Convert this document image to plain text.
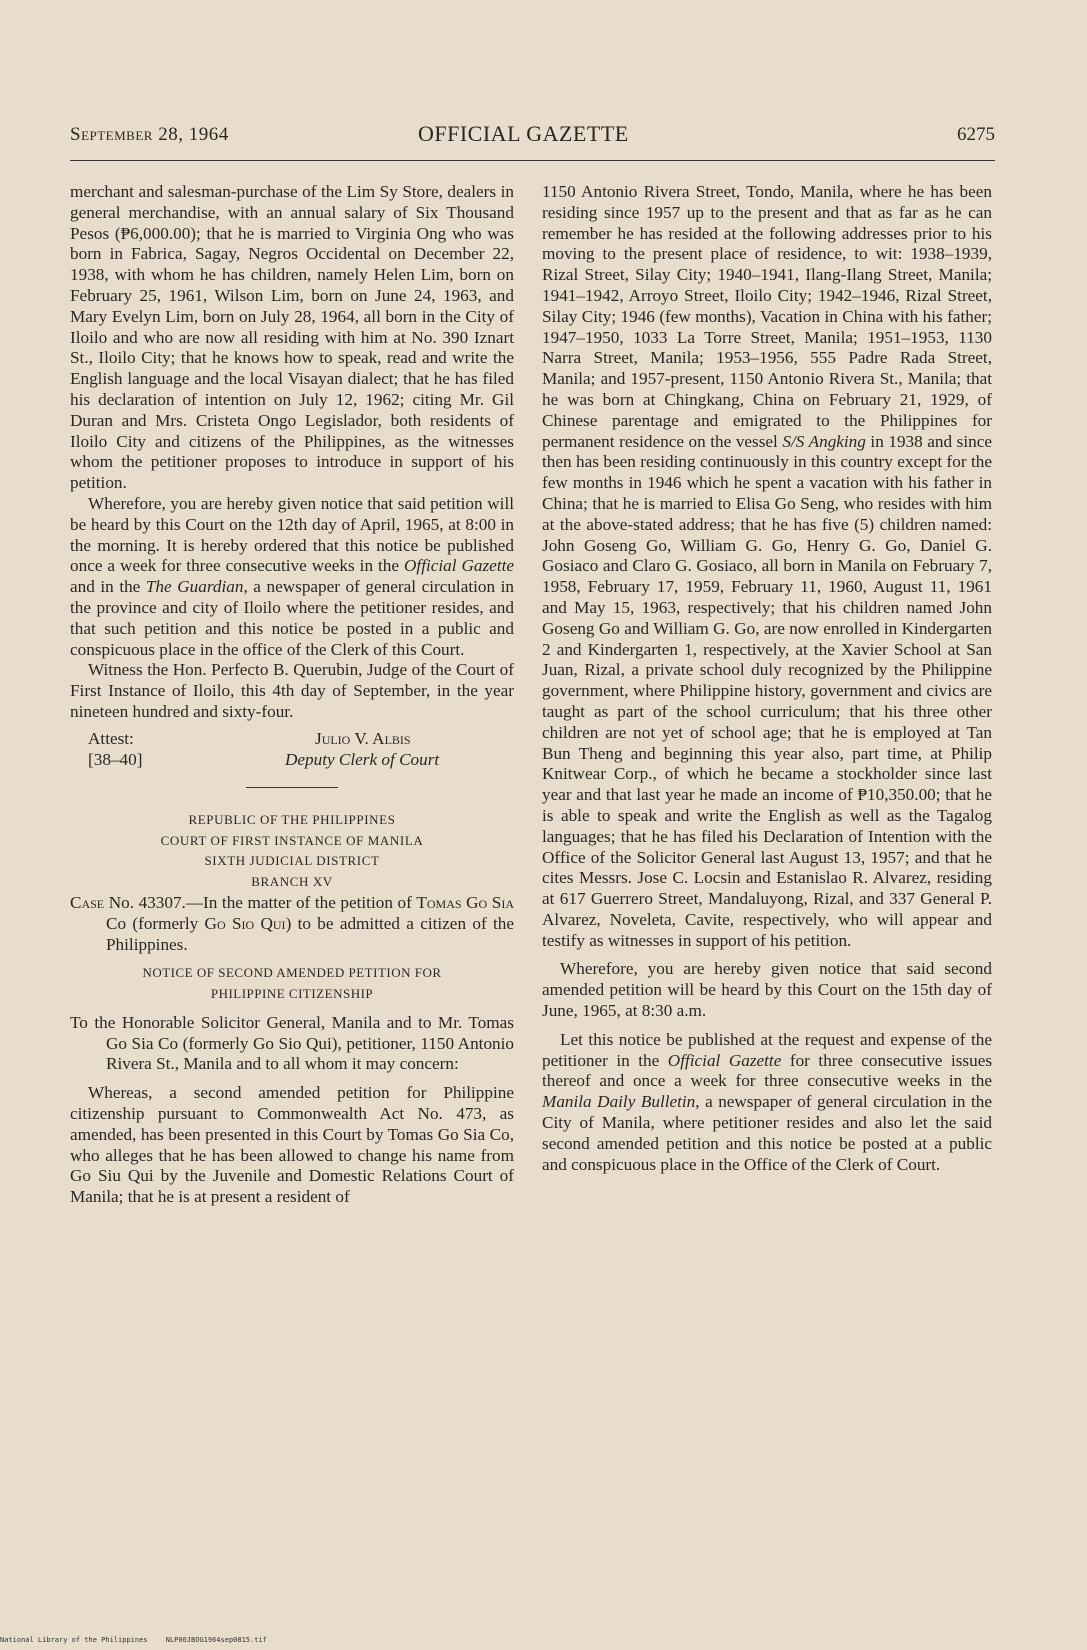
September 28, 1964	OFFICIAL GAZETTE	6275

merchant and salesman-purchase of the Lim Sy Store, dealers in general merchandise, with an annual salary of Six Thousand Pesos (₱6,000.00); that he is married to Virginia Ong who was born in Fabrica, Sagay, Negros Occidental on December 22, 1938, with whom he has children, namely Helen Lim, born on February 25, 1961, Wilson Lim, born on June 24, 1963, and Mary Evelyn Lim, born on July 28, 1964, all born in the City of Iloilo and who are now all residing with him at No. 390 Iznart St., Iloilo City; that he knows how to speak, read and write the English language and the local Visayan dialect; that he has filed his declaration of intention on July 12, 1962; citing Mr. Gil Duran and Mrs. Cristeta Ongo Legislador, both residents of Iloilo City and citizens of the Philippines, as the witnesses whom the petitioner proposes to introduce in support of his petition.

Wherefore, you are hereby given notice that said petition will be heard by this Court on the 12th day of April, 1965, at 8:00 in the morning. It is hereby ordered that this notice be published once a week for three consecutive weeks in the Official Gazette and in the The Guardian, a newspaper of general circulation in the province and city of Iloilo where the petitioner resides, and that such petition and this notice be posted in a public and conspicuous place in the office of the Clerk of this Court.

Witness the Hon. Perfecto B. Querubin, Judge of the Court of First Instance of Iloilo, this 4th day of September, in the year nineteen hundred and sixty-four.

Attest:
[38–40]
Julio V. Albis
Deputy Clerk of Court
REPUBLIC OF THE PHILIPPINES
COURT OF FIRST INSTANCE OF MANILA
SIXTH JUDICIAL DISTRICT
BRANCH XV

Case No. 43307.—In the matter of the petition of Tomas Go Sia Co (formerly Go Sio Qui) to be admitted a citizen of the Philippines.

NOTICE OF SECOND AMENDED PETITION FOR
PHILIPPINE CITIZENSHIP

To the Honorable Solicitor General, Manila and to Mr. Tomas Go Sia Co (formerly Go Sio Qui), petitioner, 1150 Antonio Rivera St., Manila and to all whom it may concern:

Whereas, a second amended petition for Philippine citizenship pursuant to Commonwealth Act No. 473, as amended, has been presented in this Court by Tomas Go Sia Co, who alleges that he has been allowed to change his name from Go Siu Qui by the Juvenile and Domestic Relations Court of Manila; that he is at present a resident of

1150 Antonio Rivera Street, Tondo, Manila, where he has been residing since 1957 up to the present and that as far as he can remember he has resided at the following addresses prior to his moving to the present place of residence, to wit: 1938–1939, Rizal Street, Silay City; 1940–1941, Ilang-Ilang Street, Manila; 1941–1942, Arroyo Street, Iloilo City; 1942–1946, Rizal Street, Silay City; 1946 (few months), Vacation in China with his father; 1947–1950, 1033 La Torre Street, Manila; 1951–1953, 1130 Narra Street, Manila; 1953–1956, 555 Padre Rada Street, Manila; and 1957-present, 1150 Antonio Rivera St., Manila; that he was born at Chingkang, China on February 21, 1929, of Chinese parentage and emigrated to the Philippines for permanent residence on the vessel S/S Angking in 1938 and since then has been residing continuously in this country except for the few months in 1946 which he spent a vacation with his father in China; that he is married to Elisa Go Seng, who resides with him at the above-stated address; that he has five (5) children named: John Goseng Go, William G. Go, Henry G. Go, Daniel G. Gosiaco and Claro G. Gosiaco, all born in Manila on February 7, 1958, February 17, 1959, February 11, 1960, August 11, 1961 and May 15, 1963, respectively; that his children named John Goseng Go and William G. Go, are now enrolled in Kindergarten 2 and Kindergarten 1, respectively, at the Xavier School at San Juan, Rizal, a private school duly recognized by the Philippine government, where Philippine history, government and civics are taught as part of the school curriculum; that his three other children are not yet of school age; that he is employed at Tan Bun Theng and beginning this year also, part time, at Philip Knitwear Corp., of which he became a stockholder since last year and that last year he made an income of ₱10,350.00; that he is able to speak and write the English as well as the Tagalog languages; that he has filed his Declaration of Intention with the Office of the Solicitor General last August 13, 1957; and that he cites Messrs. Jose C. Locsin and Estanislao R. Alvarez, residing at 617 Guerrero Street, Mandaluyong, Rizal, and 337 General P. Alvarez, Noveleta, Cavite, respectively, who will appear and testify as witnesses in support of his petition.

Wherefore, you are hereby given notice that said second amended petition will be heard by this Court on the 15th day of June, 1965, at 8:30 a.m.

Let this notice be published at the request and expense of the petitioner in the Official Gazette for three consecutive issues thereof and once a week for three consecutive weeks in the Manila Daily Bulletin, a newspaper of general circulation in the City of Manila, where petitioner resides and also let the said second amended petition and this notice be posted at a public and conspicuous place in the Office of the Clerk of Court.

National Library of the Philippines	NLP00JBOG1964sep0815.tif
